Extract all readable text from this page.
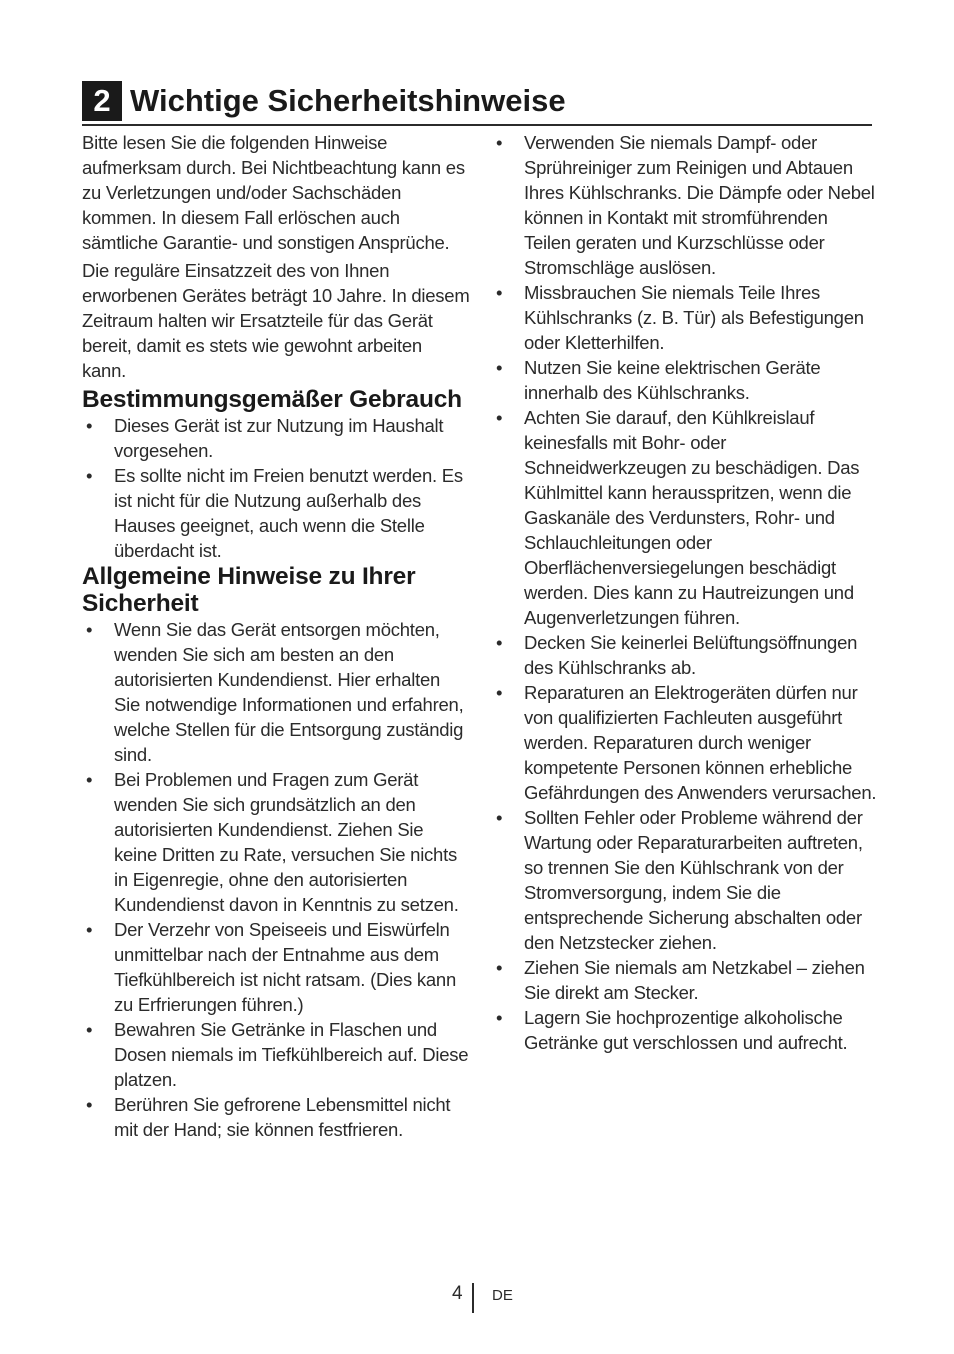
2 Wichtige Sicherheitshinweise

Bitte lesen Sie die folgenden Hinweise aufmerksam durch. Bei Nichtbeachtung kann es zu Verletzungen und/oder Sachschäden kommen. In diesem Fall erlöschen auch sämtliche Garantie- und sonstigen Ansprüche.

Die reguläre Einsatzzeit des von Ihnen erworbenen Gerätes beträgt 10 Jahre. In diesem Zeitraum halten wir Ersatzteile für das Gerät bereit, damit es stets wie gewohnt arbeiten kann.

Bestimmungsgemäßer Gebrauch
• Dieses Gerät ist zur Nutzung im Haushalt vorgesehen.
• Es sollte nicht im Freien benutzt werden. Es ist nicht für die Nutzung außerhalb des Hauses geeignet, auch wenn die Stelle überdacht ist.
Allgemeine Hinweise zu Ihrer Sicherheit
• Wenn Sie das Gerät entsorgen möchten, wenden Sie sich am besten an den autorisierten Kundendienst. Hier erhalten Sie notwendige Informationen und erfahren, welche Stellen für die Entsorgung zuständig sind.
• Bei Problemen und Fragen zum Gerät wenden Sie sich grundsätzlich an den autorisierten Kundendienst. Ziehen Sie keine Dritten zu Rate, versuchen Sie nichts in Eigenregie, ohne den autorisierten Kundendienst davon in Kenntnis zu setzen.
• Der Verzehr von Speiseeis und Eiswürfeln unmittelbar nach der Entnahme aus dem Tiefkühlbereich ist nicht ratsam. (Dies kann zu Erfrierungen führen.)
• Bewahren Sie Getränke in Flaschen und Dosen niemals im Tiefkühlbereich auf. Diese platzen.
• Berühren Sie gefrorene Lebensmittel nicht mit der Hand; sie können festfrieren.
• Verwenden Sie niemals Dampf- oder Sprühreiniger zum Reinigen und Abtauen Ihres Kühlschranks. Die Dämpfe oder Nebel können in Kontakt mit stromführenden Teilen geraten und Kurzschlüsse oder Stromschläge auslösen.
• Missbrauchen Sie niemals Teile Ihres Kühlschranks (z. B. Tür) als Befestigungen oder Kletterhilfen.
• Nutzen Sie keine elektrischen Geräte innerhalb des Kühlschranks.
• Achten Sie darauf, den Kühlkreislauf keinesfalls mit Bohr- oder Schneidwerkzeugen zu beschädigen. Das Kühlmittel kann herausspritzen, wenn die Gaskanäle des Verdunsters, Rohr- und Schlauchleitungen oder Oberflächenversiegelungen beschädigt werden. Dies kann zu Hautreizungen und Augenverletzungen führen.
• Decken Sie keinerlei Belüftungsöffnungen des Kühlschranks ab.
• Reparaturen an Elektrogeräten dürfen nur von qualifizierten Fachleuten ausgeführt werden. Reparaturen durch weniger kompetente Personen können erhebliche Gefährdungen des Anwenders verursachen.
• Sollten Fehler oder Probleme während der Wartung oder Reparaturarbeiten auftreten, so trennen Sie den Kühlschrank von der Stromversorgung, indem Sie die entsprechende Sicherung abschalten oder den Netzstecker ziehen.
• Ziehen Sie niemals am Netzkabel – ziehen Sie direkt am Stecker.
• Lagern Sie hochprozentige alkoholische Getränke gut verschlossen und aufrecht.
4 DE
